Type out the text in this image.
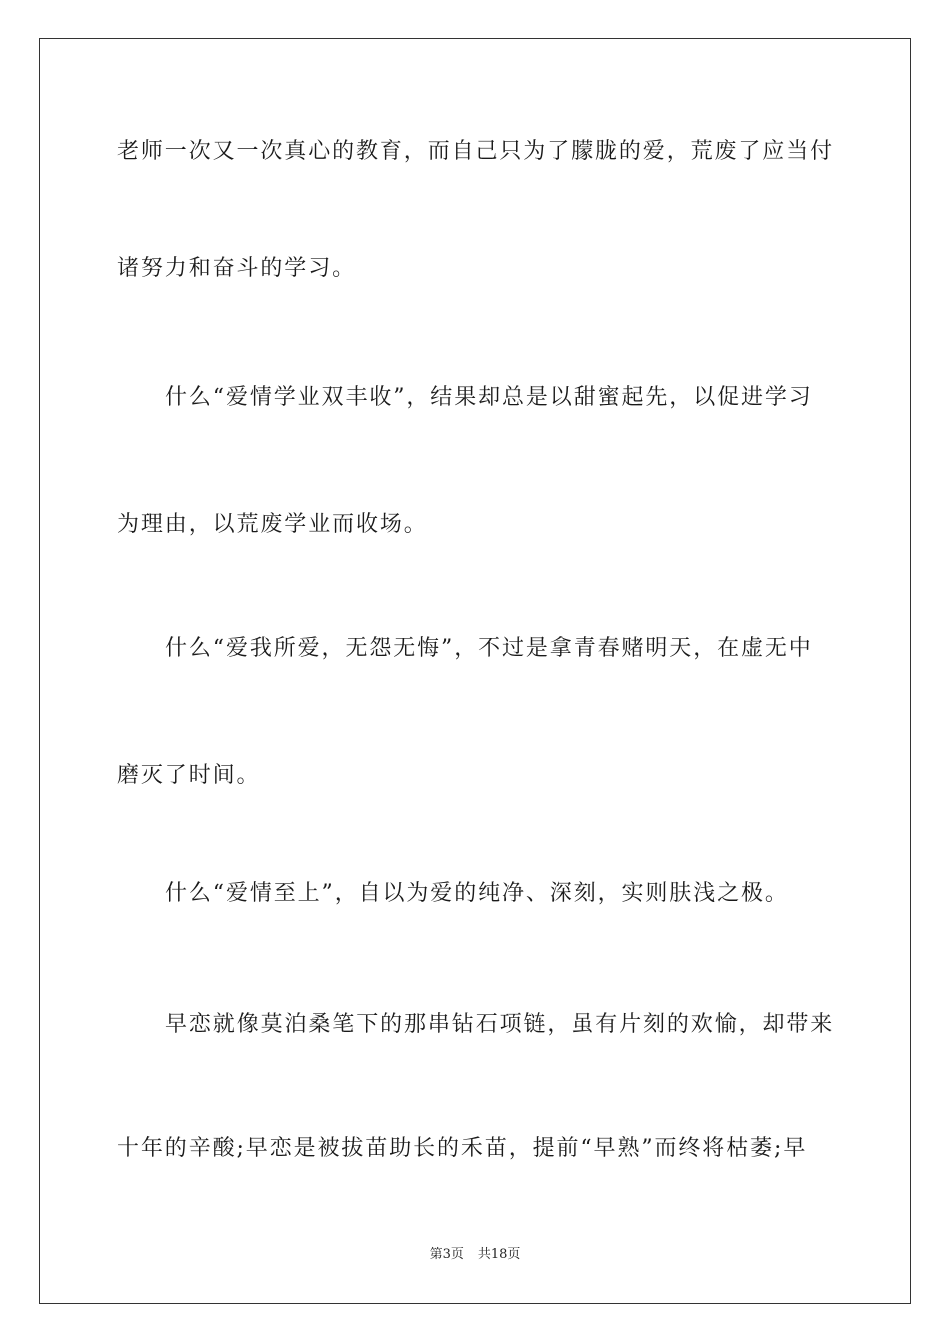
老师一次又一次真心的教育，而自己只为了朦胧的爱，荒废了应当付
诸努力和奋斗的学习。
什么“爱情学业双丰收”，结果却总是以甜蜜起先，以促进学习
为理由，以荒废学业而收场。
什么“爱我所爱，无怨无悔”，不过是拿青春赌明天，在虚无中
磨灭了时间。
什么“爱情至上”，自以为爱的纯净、深刻，实则肤浅之极。
早恋就像莫泊桑笔下的那串钻石项链，虽有片刻的欢愉，却带来
十年的辛酸;早恋是被拔苗助长的禾苗，提前“早熟”而终将枯萎;早
第3页 共18页
